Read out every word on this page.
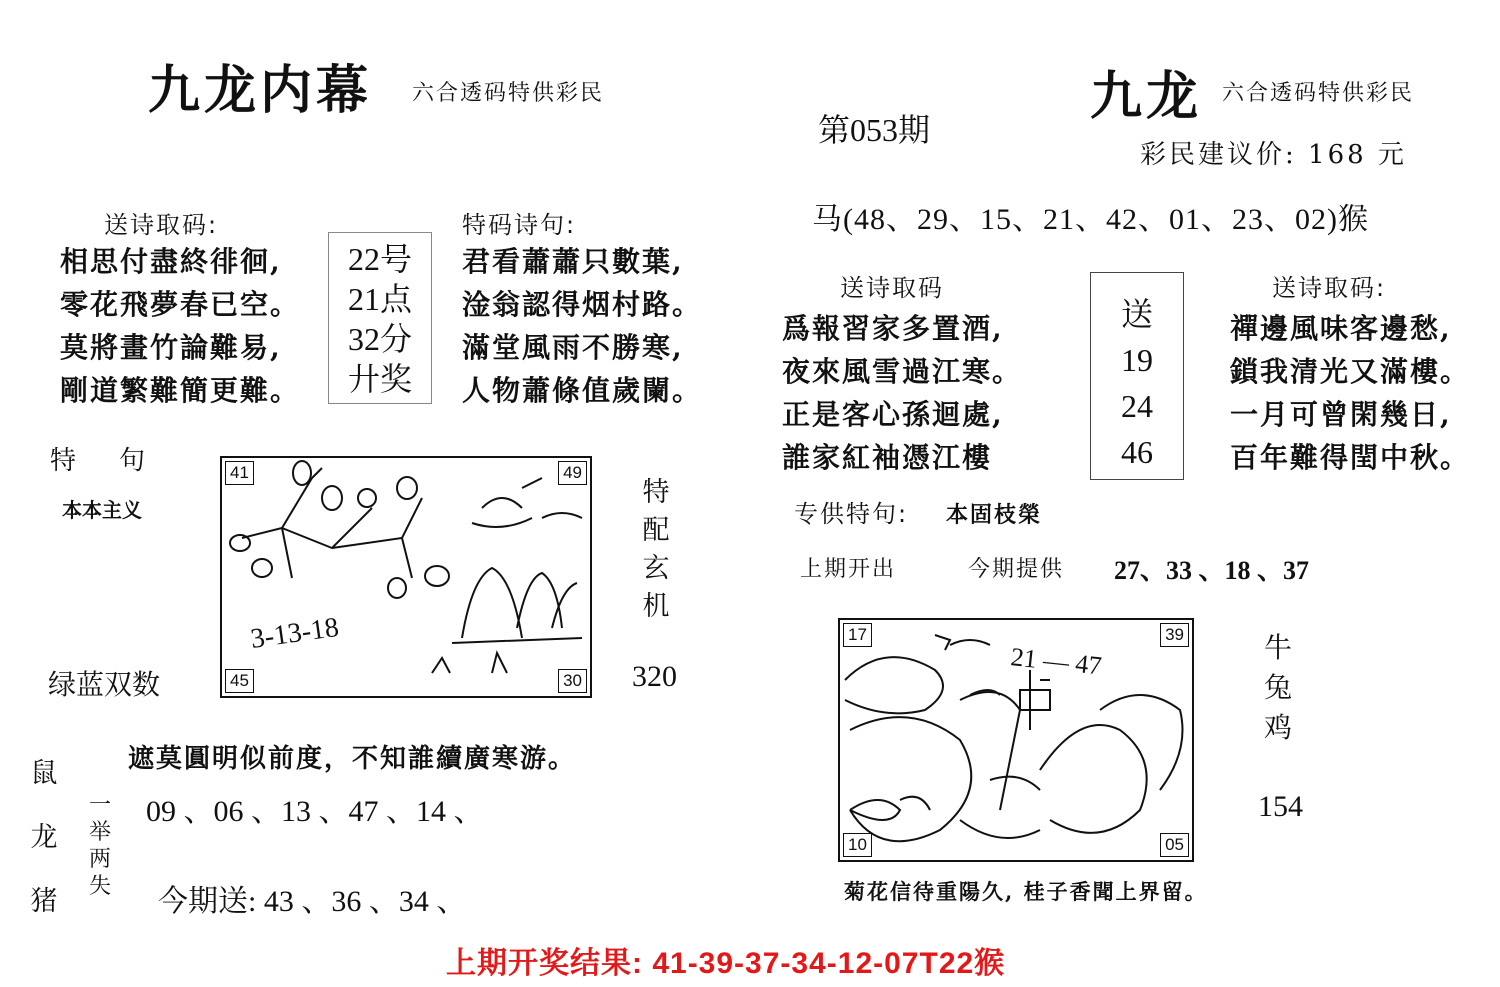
九龙内幕 六合透码特供彩民
送诗取码:
相思付盡終徘徊,
零花飛夢春已空。
莫將畫竹論難易,
剛道繁難簡更難。
22号
21点
32分
廾奖
特码诗句:
君看蕭蕭只數葉,
淦翁認得烟村路。
滿堂風雨不勝寒,
人物蕭條值歲闌。
特    句
本本主义
41	49
45	30
3-13-18
特
配
玄
机
绿蓝双数	320
遮莫圓明似前度，不知誰續廣寒游。
鼠
龙
猪
一
举
两
失
09 、06 、13 、47 、14 、
今期送: 43 、36 、34 、
第053期
九龙 六合透码特供彩民
彩民建议价: 168 元
马(48、29、15、21、42、01、23、02)猴
送诗取码
爲報習家多置酒,
夜來風雪過江寒。
正是客心孫迴處,
誰家紅袖憑江樓
送
19
24
46
送诗取码:
禪邊風味客邊愁,
鎖我清光又滿樓。
一月可曾閑幾日,
百年難得閏中秋。
专供特句: 本固枝榮
上期开出	今期提供 27、33 、18 、37
17	39
10	05
21 — 47	牛
兔
鸡
154
菊花信待重陽久, 桂子香聞上界留。
上期开奖结果: 41-39-37-34-12-07T22猴
